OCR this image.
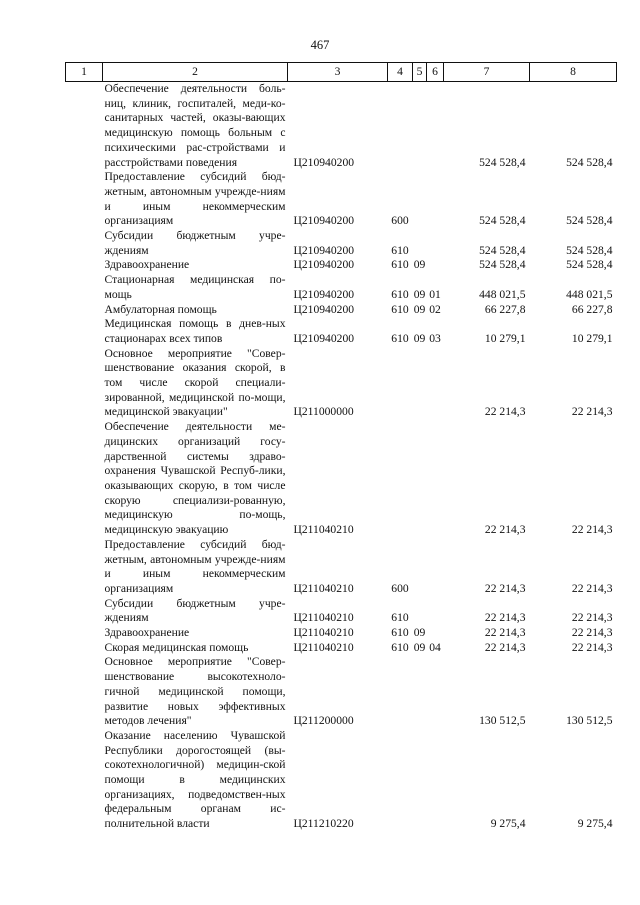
467
1	2	3	4	5	6	7	8
	Обеспечение деятельности боль-ниц, клиник, госпиталей, меди-ко-санитарных частей, оказы-вающих медицинскую помощь больным с психическими рас-стройствами и расстройствами поведения	Ц210940200				524 528,4	524 528,4
	Предоставление субсидий бюд-жетным, автономным учрежде-ниям и иным некоммерческим организациям	Ц210940200	600			524 528,4	524 528,4
	Субсидии бюджетным учре-ждениям	Ц210940200	610			524 528,4	524 528,4
	Здравоохранение	Ц210940200	610	09		524 528,4	524 528,4
	Стационарная медицинская по-мощь	Ц210940200	610	09	01	448 021,5	448 021,5
	Амбулаторная помощь	Ц210940200	610	09	02	66 227,8	66 227,8
	Медицинская помощь в днев-ных стационарах всех типов	Ц210940200	610	09	03	10 279,1	10 279,1
	Основное мероприятие "Совер-шенствование оказания скорой, в том числе скорой специали-зированной, медицинской по-мощи, медицинской эвакуации"	Ц211000000				22 214,3	22 214,3
	Обеспечение деятельности ме-дицинских организаций госу-дарственной системы здраво-охранения Чувашской Респуб-лики, оказывающих скорую, в том числе скорую специализи-рованную, медицинскую по-мощь, медицинскую эвакуацию	Ц211040210				22 214,3	22 214,3
	Предоставление субсидий бюд-жетным, автономным учрежде-ниям и иным некоммерческим организациям	Ц211040210	600			22 214,3	22 214,3
	Субсидии бюджетным учре-ждениям	Ц211040210	610			22 214,3	22 214,3
	Здравоохранение	Ц211040210	610	09		22 214,3	22 214,3
	Скорая медицинская помощь	Ц211040210	610	09	04	22 214,3	22 214,3
	Основное мероприятие "Совер-шенствование высокотехноло-гичной медицинской помощи, развитие новых эффективных методов лечения"	Ц211200000				130 512,5	130 512,5
	Оказание населению Чувашской Республики дорогостоящей (вы-сокотехнологичной) медицин-ской помощи в медицинских организациях, подведомствен-ных федеральным органам ис-полнительной власти	Ц211210220				9 275,4	9 275,4
